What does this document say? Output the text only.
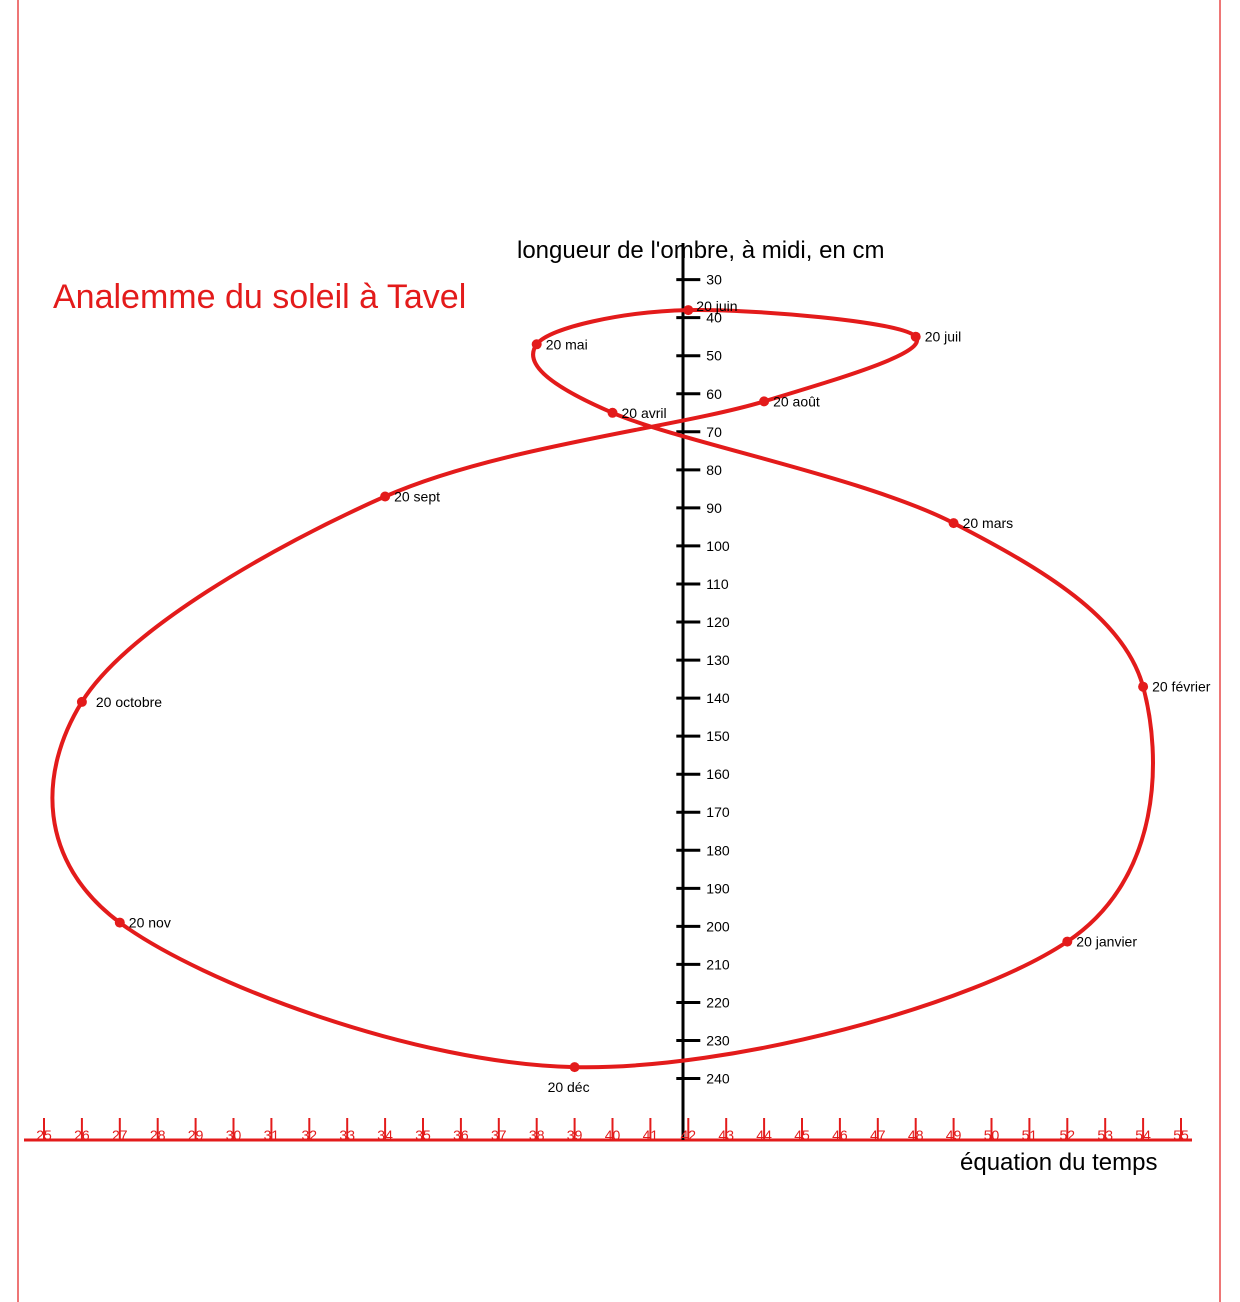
Analemme du soleil à Tavel
longueur de l'ombre, à midi, en cm
équation du temps
25 26 27 28 29 30 31 32 33 34 35 36 37 38 39 40 41 42 43 44 45 46 47 48 49 50 51 52 53 54 55
30
40
50
60
70
80
90
100
110
120
130
140
150
160
170
180
190
200
210
220
230
240
20 déc
20 janvier
20 février
20 mars
20 avril
20 mai
20 juin
20 juil
20 août
20 sept
20 octobre
20 nov
